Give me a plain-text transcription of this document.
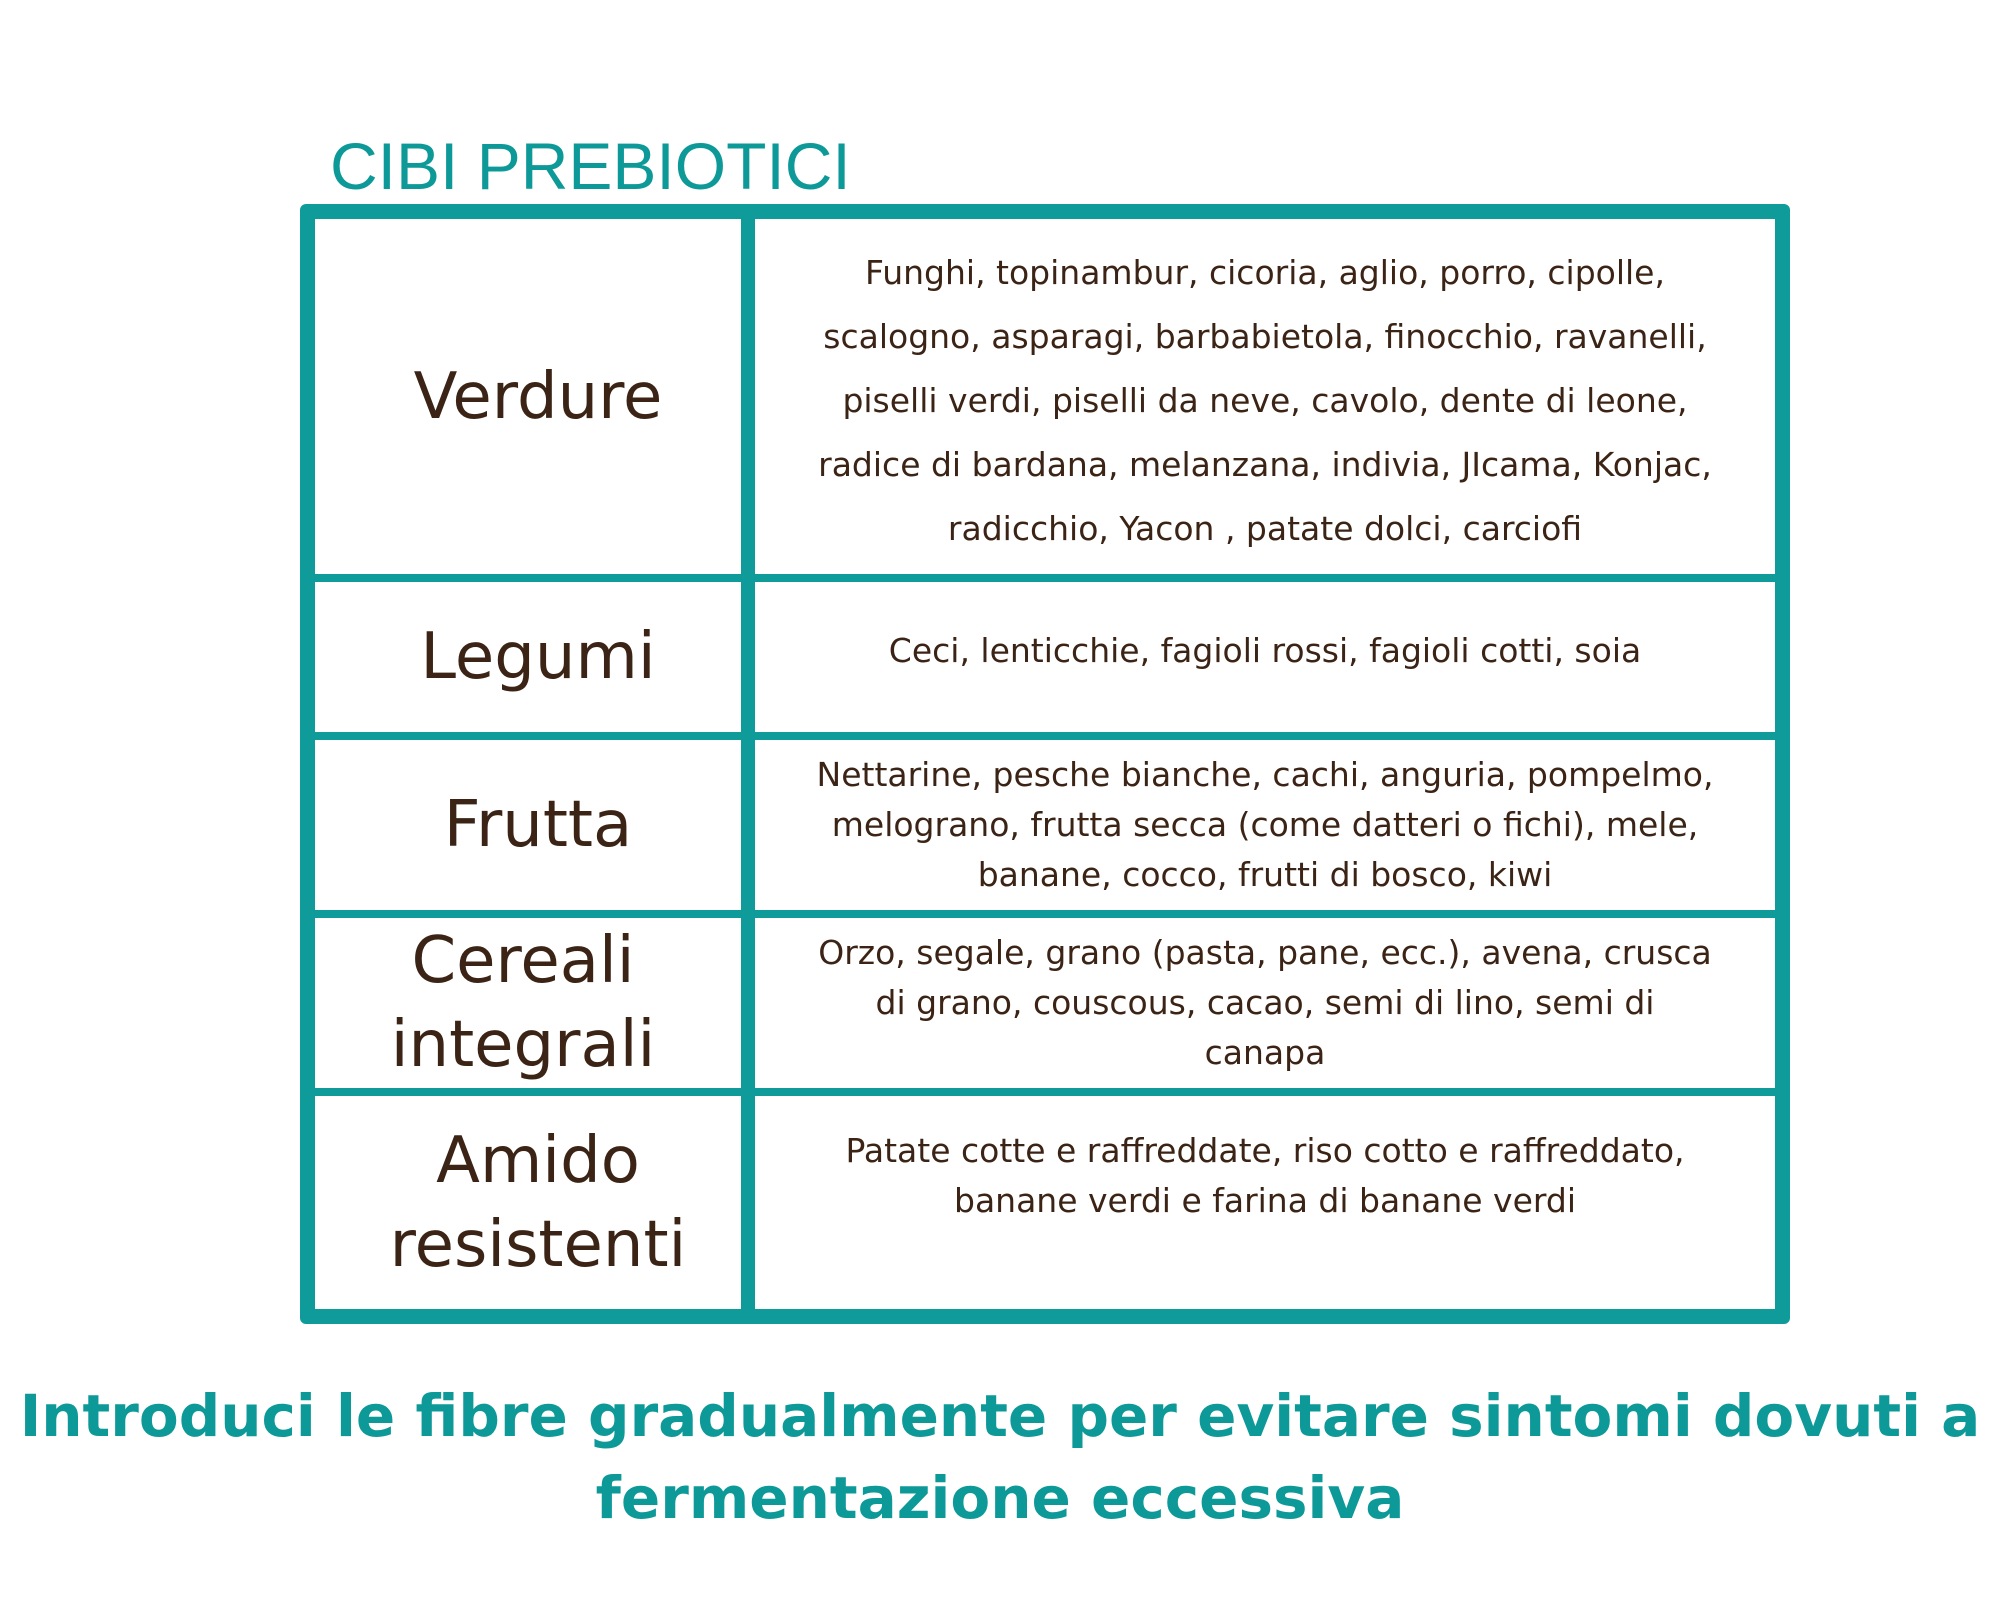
CIBI PREBIOTICI
Verdure
Funghi, topinambur, cicoria, aglio, porro, cipolle, scalogno, asparagi, barbabietola, finocchio, ravanelli, piselli verdi, piselli da neve, cavolo, dente di leone, radice di bardana, melanzana, indivia, JIcama, Konjac, radicchio, Yacon , patate dolci, carciofi
Legumi	Ceci, lenticchie, fagioli rossi, fagioli cotti, soia
Frutta
Nettarine, pesche bianche, cachi, anguria, pompelmo, melograno, frutta secca (come datteri o fichi), mele, banane, cocco, frutti di bosco, kiwi
Cereali integrali
Orzo, segale, grano (pasta, pane, ecc.), avena, crusca di grano, couscous, cacao, semi di lino, semi di canapa
Amido resistenti
Patate cotte e raffreddate, riso cotto e raffreddato, banane verdi e farina di banane verdi
Introduci le fibre gradualmente per evitare sintomi dovuti a fermentazione eccessiva
